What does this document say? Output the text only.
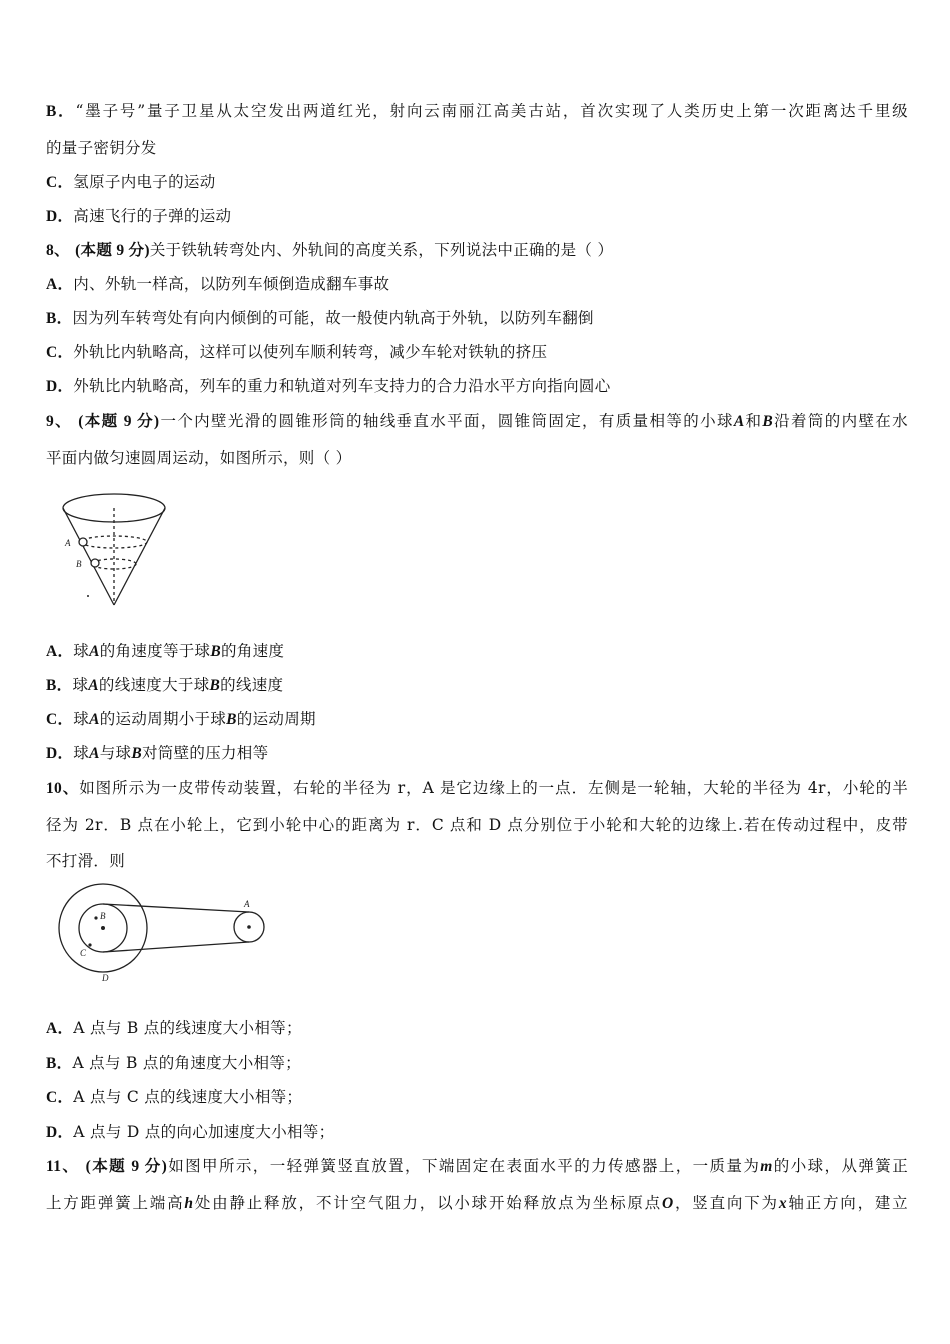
B．“墨子号”量子卫星从太空发出两道红光，射向云南丽江高美古站，首次实现了人类历史上第一次距离达千里级
的量子密钥分发
C．氢原子内电子的运动
D．高速飞行的子弹的运动
8、 (本题 9 分)关于铁轨转弯处内、外轨间的高度关系，下列说法中正确的是（ ）
A．内、外轨一样高，以防列车倾倒造成翻车事故
B．因为列车转弯处有向内倾倒的可能，故一般使内轨高于外轨，以防列车翻倒
C．外轨比内轨略高，这样可以使列车顺利转弯，减少车轮对铁轨的挤压
D．外轨比内轨略高，列车的重力和轨道对列车支持力的合力沿水平方向指向圆心
9、 (本题 9 分)一个内壁光滑的圆锥形筒的轴线垂直水平面，圆锥筒固定，有质量相等的小球A和B沿着筒的内壁在水
平面内做匀速圆周运动，如图所示，则（ ）
A
B
A．球A的角速度等于球B的角速度
B．球A的线速度大于球B的线速度
C．球A的运动周期小于球B的运动周期
D．球A与球B对筒壁的压力相等
10、如图所示为一皮带传动装置，右轮的半径为 r，A 是它边缘上的一点．左侧是一轮轴，大轮的半径为 4r，小轮的半
径为 2r．B 点在小轮上，它到小轮中心的距离为 r．C 点和 D 点分别位于小轮和大轮的边缘上.若在传动过程中，皮带
不打滑．则
A
B
C
D
A．A 点与 B 点的线速度大小相等；
B．A 点与 B 点的角速度大小相等；
C．A 点与 C 点的线速度大小相等；
D．A 点与 D 点的向心加速度大小相等；
11、 (本题 9 分)如图甲所示，一轻弹簧竖直放置，下端固定在表面水平的力传感器上，一质量为m的小球，从弹簧正
上方距弹簧上端高h处由静止释放，不计空气阻力，以小球开始释放点为坐标原点O，竖直向下为x轴正方向，建立
